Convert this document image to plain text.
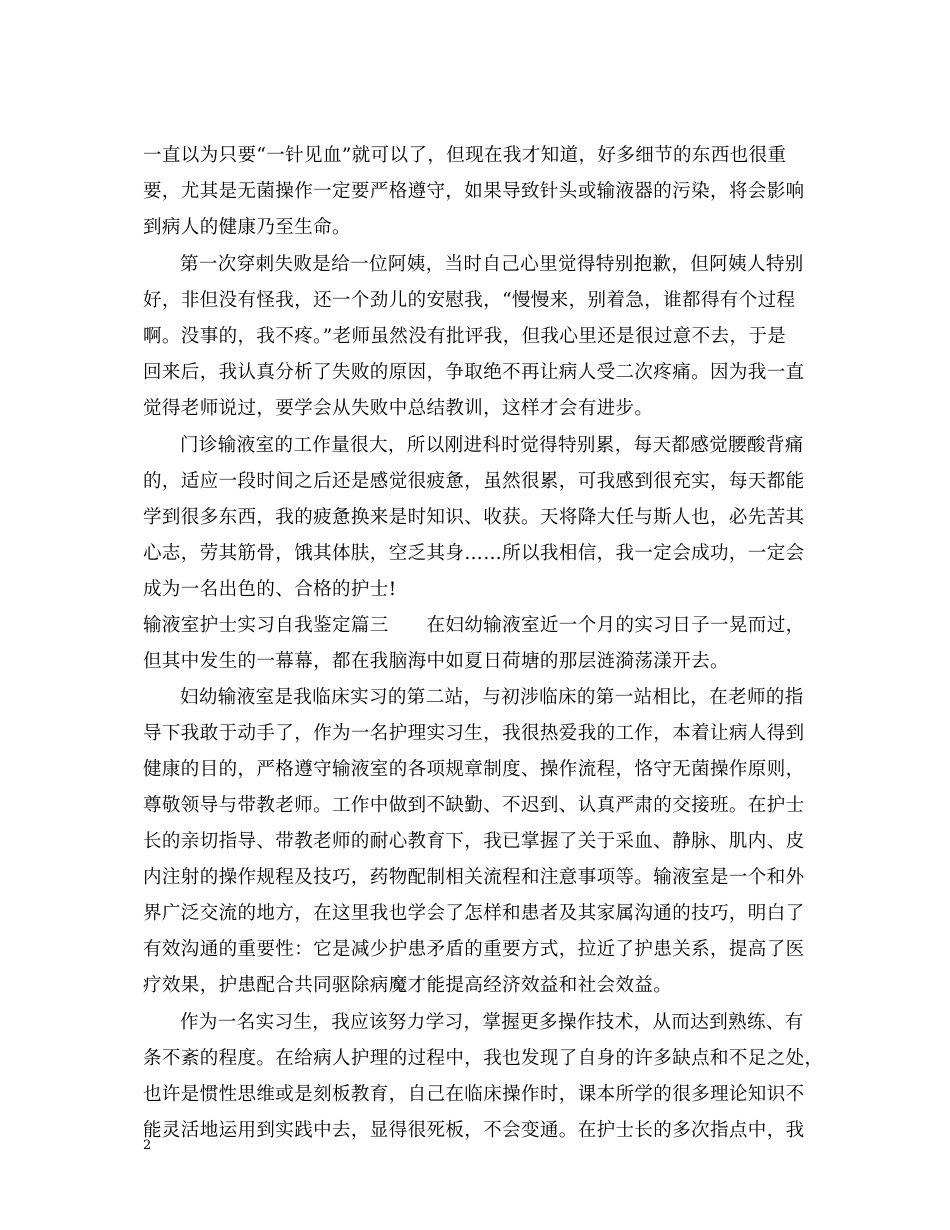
一直以为只要“一针见血”就可以了，但现在我才知道，好多细节的东西也很重
要，尤其是无菌操作一定要严格遵守，如果导致针头或输液器的污染，将会影响
到病人的健康乃至生命。
第一次穿刺失败是给一位阿姨，当时自己心里觉得特别抱歉，但阿姨人特别
好，非但没有怪我，还一个劲儿的安慰我，“慢慢来，别着急，谁都得有个过程
啊。没事的，我不疼。”老师虽然没有批评我，但我心里还是很过意不去，于是
回来后，我认真分析了失败的原因，争取绝不再让病人受二次疼痛。因为我一直
觉得老师说过，要学会从失败中总结教训，这样才会有进步。
门诊输液室的工作量很大，所以刚进科时觉得特别累，每天都感觉腰酸背痛
的，适应一段时间之后还是感觉很疲惫，虽然很累，可我感到很充实，每天都能
学到很多东西，我的疲惫换来是时知识、收获。天将降大任与斯人也，必先苦其
心志，劳其筋骨，饿其体肤，空乏其身……所以我相信，我一定会成功，一定会
成为一名出色的、合格的护士!
输液室护士实习自我鉴定篇三　　在妇幼输液室近一个月的实习日子一晃而过，
但其中发生的一幕幕，都在我脑海中如夏日荷塘的那层涟漪荡漾开去。
妇幼输液室是我临床实习的第二站，与初涉临床的第一站相比，在老师的指
导下我敢于动手了，作为一名护理实习生，我很热爱我的工作，本着让病人得到
健康的目的，严格遵守输液室的各项规章制度、操作流程，恪守无菌操作原则，
尊敬领导与带教老师。工作中做到不缺勤、不迟到、认真严肃的交接班。在护士
长的亲切指导、带教老师的耐心教育下，我已掌握了关于采血、静脉、肌内、皮
内注射的操作规程及技巧，药物配制相关流程和注意事项等。输液室是一个和外
界广泛交流的地方，在这里我也学会了怎样和患者及其家属沟通的技巧，明白了
有效沟通的重要性：它是减少护患矛盾的重要方式，拉近了护患关系，提高了医
疗效果，护患配合共同驱除病魔才能提高经济效益和社会效益。
作为一名实习生，我应该努力学习，掌握更多操作技术，从而达到熟练、有
条不紊的程度。在给病人护理的过程中，我也发现了自身的许多缺点和不足之处，
也许是惯性思维或是刻板教育，自己在临床操作时，课本所学的很多理论知识不
能灵活地运用到实践中去，显得很死板，不会变通。在护士长的多次指点中，我
2
